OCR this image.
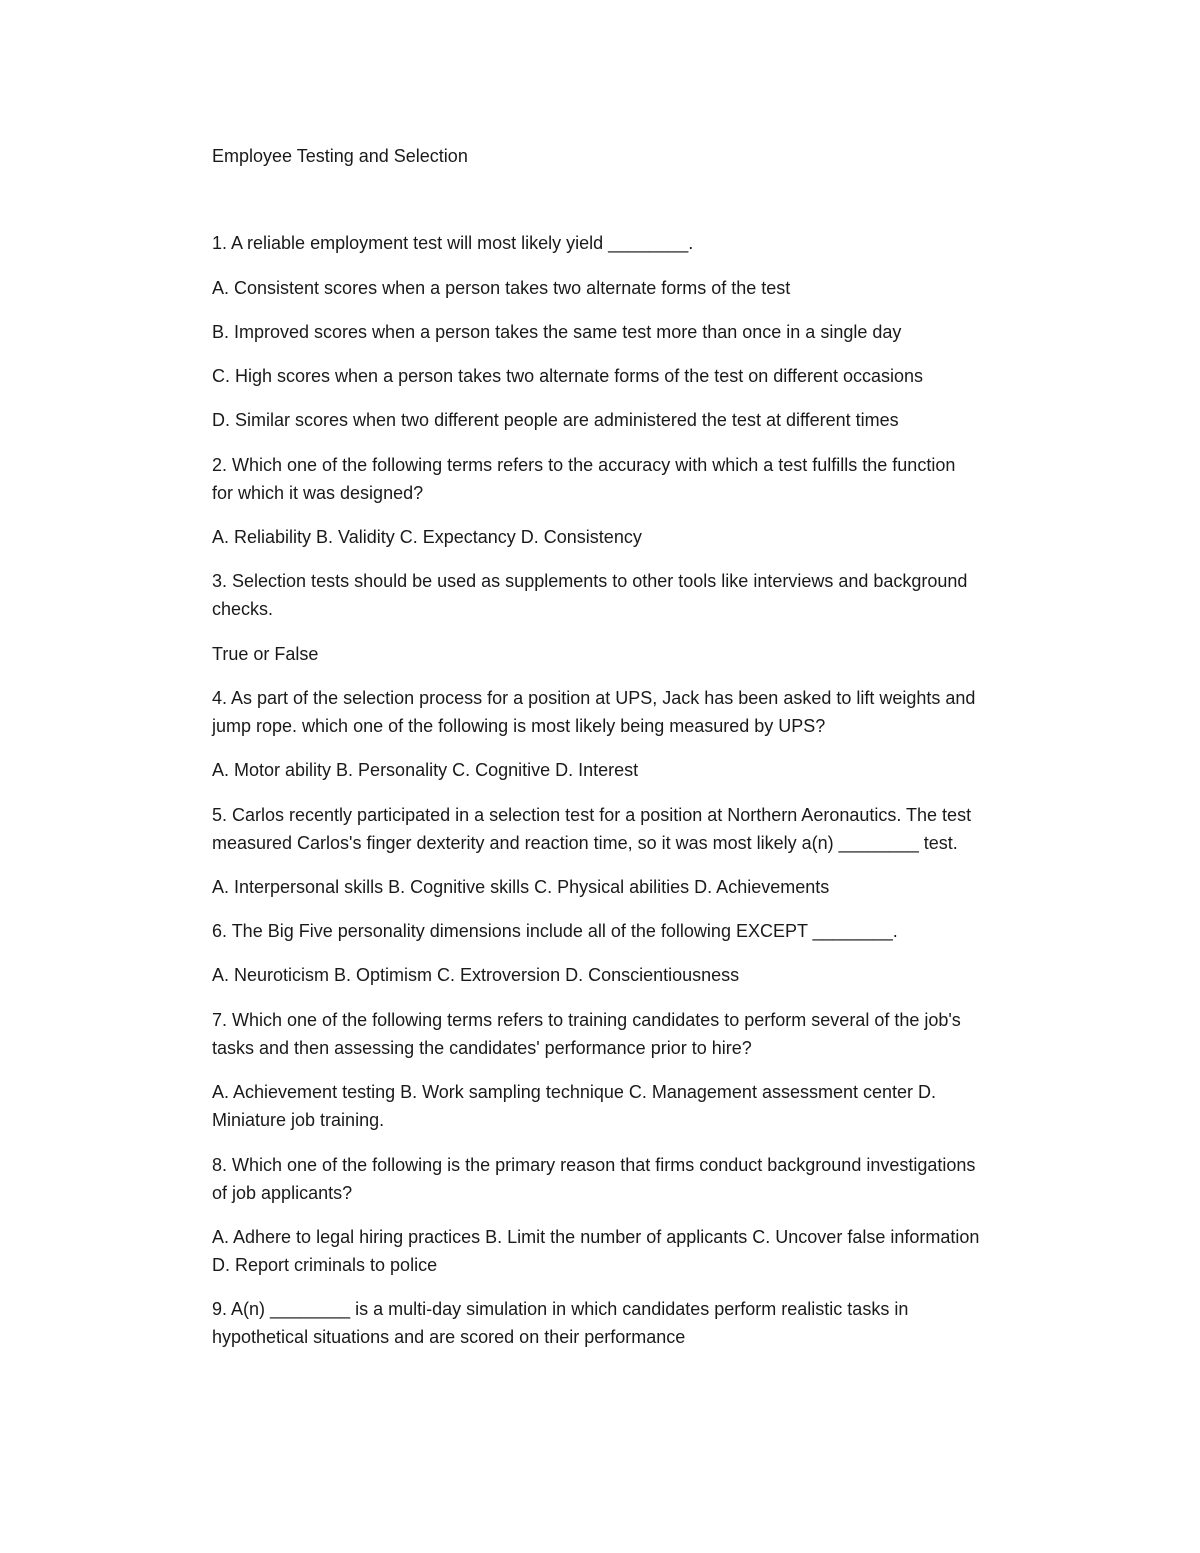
Employee Testing and Selection

1. A reliable employment test will most likely yield ________.

A. Consistent scores when a person takes two alternate forms of the test

B. Improved scores when a person takes the same test more than once in a single day

C. High scores when a person takes two alternate forms of the test on different occasions

D. Similar scores when two different people are administered the test at different times

2. Which one of the following terms refers to the accuracy with which a test fulfills the function

for which it was designed?

A. Reliability B. Validity C. Expectancy D. Consistency

3. Selection tests should be used as supplements to other tools like interviews and background

checks.

True or False

4. As part of the selection process for a position at UPS, Jack has been asked to lift weights and

jump rope. which one of the following is most likely being measured by UPS?

A. Motor ability B. Personality C. Cognitive D. Interest

5. Carlos recently participated in a selection test for a position at Northern Aeronautics. The test

measured Carlos's finger dexterity and reaction time, so it was most likely a(n) ________ test.

A. Interpersonal skills B. Cognitive skills C. Physical abilities D. Achievements

6. The Big Five personality dimensions include all of the following EXCEPT ________.

A. Neuroticism B. Optimism C. Extroversion D. Conscientiousness

7. Which one of the following terms refers to training candidates to perform several of the job's

tasks and then assessing the candidates' performance prior to hire?

A. Achievement testing B. Work sampling technique C. Management assessment center D.

Miniature job training.

8. Which one of the following is the primary reason that firms conduct background investigations

of job applicants?

A. Adhere to legal hiring practices B. Limit the number of applicants C. Uncover false information

D. Report criminals to police

9. A(n) ________ is a multi-day simulation in which candidates perform realistic tasks in

hypothetical situations and are scored on their performance
